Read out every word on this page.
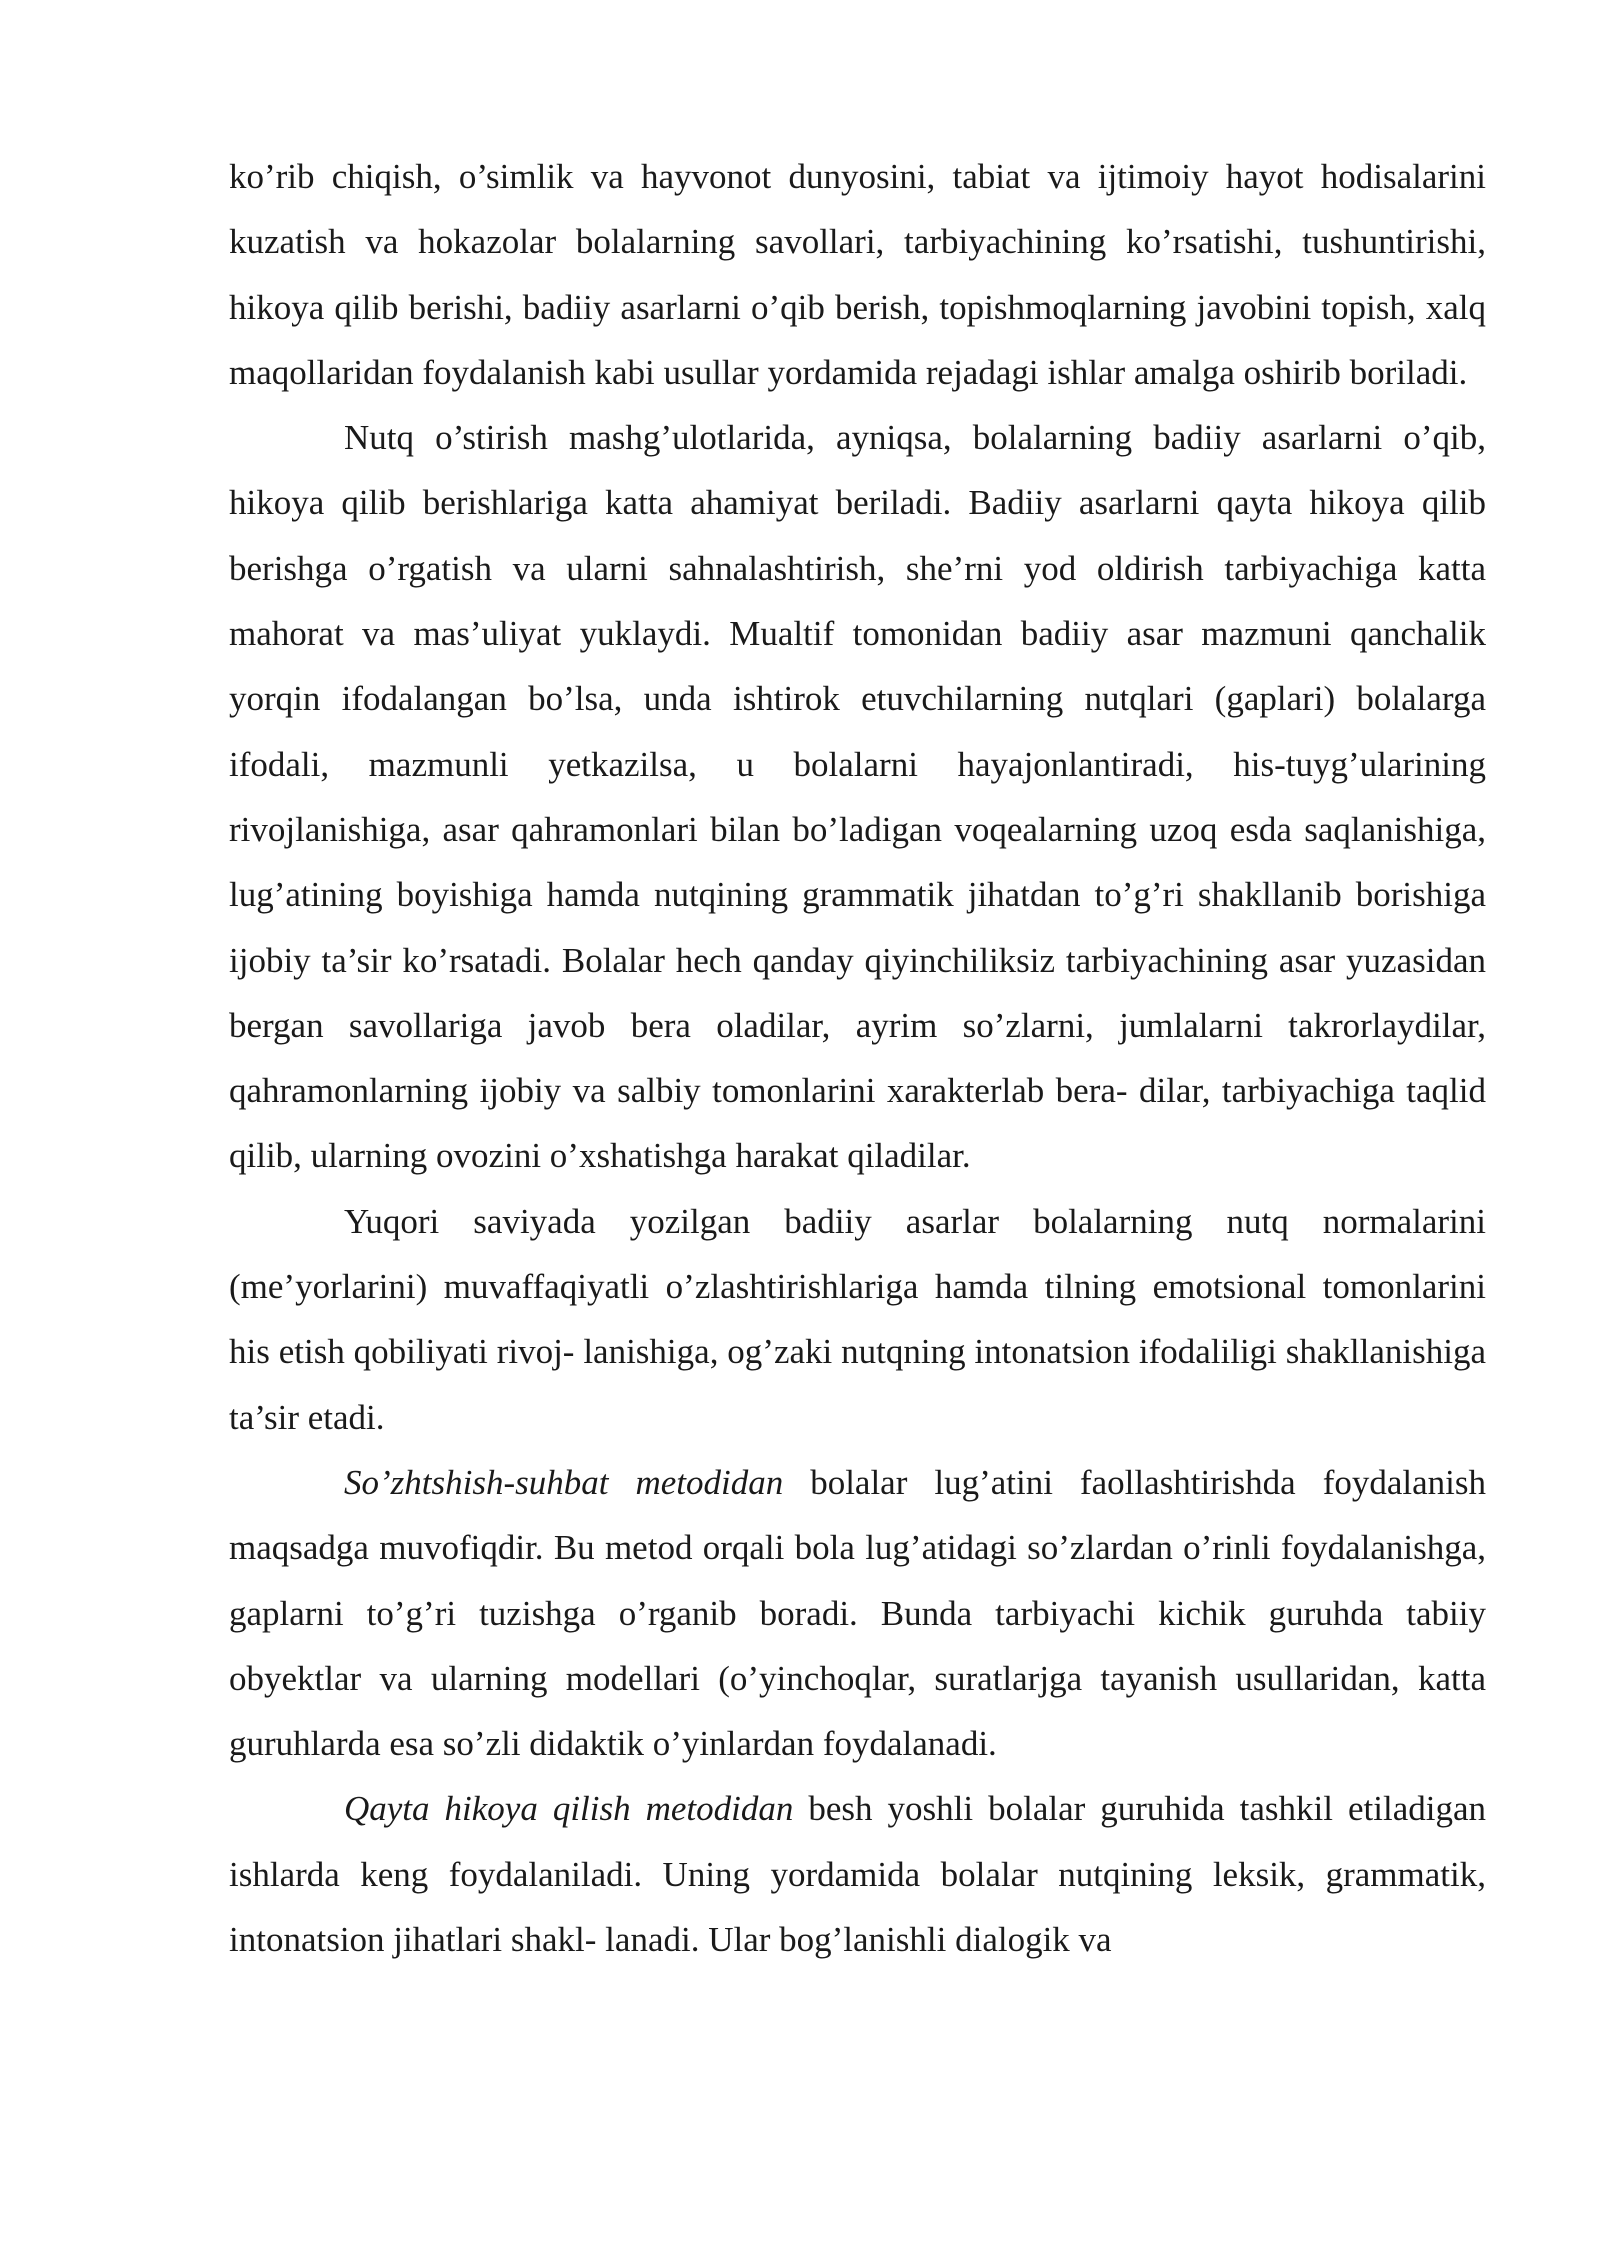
ko’rib chiqish, o’simlik va hayvonot dunyosini, tabiat va ijtimoiy hayot hodisalarini kuzatish va hokazolar bolalarning savollari, tarbiyachining ko’rsatishi, tushuntirishi, hikoya qilib berishi, badiiy asarlarni o’qib berish, topishmoqlarning javobini topish, xalq maqollaridan foydalanish kabi usullar yordamida rejadagi ishlar amalga oshirib boriladi.

Nutq o’stirish mashg’ulotlarida, ayniqsa, bolalarning badiiy asarlarni o’qib, hikoya qilib berishlariga katta ahamiyat beriladi. Badiiy asarlarni qayta hikoya qilib berishga o’rgatish va ularni sahnalashtirish, she’rni yod oldirish tarbiyachiga katta mahorat va mas’uliyat yuklaydi. Mualtif tomonidan badiiy asar mazmuni qanchalik yorqin ifodalangan bo’lsa, unda ishtirok etuvchilarning nutqlari (gaplari) bolalarga ifodali, mazmunli yetkazilsa, u bolalarni hayajonlantiradi, his-tuyg’ularining rivojlanishiga, asar qahramonlari bilan bo’ladigan voqealarning uzoq esda saqlanishiga, lug’atining boyishiga hamda nutqining grammatik jihatdan to’g’ri shakllanib borishiga ijobiy ta’sir ko’rsatadi. Bolalar hech qanday qiyinchiliksiz tarbiyachining asar yuzasidan bergan savollariga javob bera oladilar, ayrim so’zlarni, jumlalarni takrorlaydilar, qahramonlarning ijobiy va salbiy tomonlarini xarakterlab bera- dilar, tarbiyachiga taqlid qilib, ularning ovozini o’xshatishga harakat qiladilar.

Yuqori saviyada yozilgan badiiy asarlar bolalarning nutq normalarini (me’yorlarini) muvaffaqiyatli o’zlashtirishlariga hamda tilning emotsional tomonlarini his etish qobiliyati rivoj- lanishiga, og’zaki nutqning intonatsion ifodaliligi shakllanishiga ta’sir etadi.

So’zhtshish-suhbat metodidan bolalar lug’atini faollashtirishda foydalanish maqsadga muvofiqdir. Bu metod orqali bola lug’atidagi so’zlardan o’rinli foydalanishga, gaplarni to’g’ri tuzishga o’rganib boradi. Bunda tarbiyachi kichik guruhda tabiiy obyektlar va ularning modellari (o’yinchoqlar, suratlarjga tayanish usullaridan, katta guruhlarda esa so’zli didaktik o’yinlardan foydalanadi.

Qayta hikoya qilish metodidan besh yoshli bolalar guruhida tashkil etiladigan ishlarda keng foydalaniladi. Uning yordamida bolalar nutqining leksik, grammatik, intonatsion jihatlari shakl- lanadi. Ular bog’lanishli dialogik va
